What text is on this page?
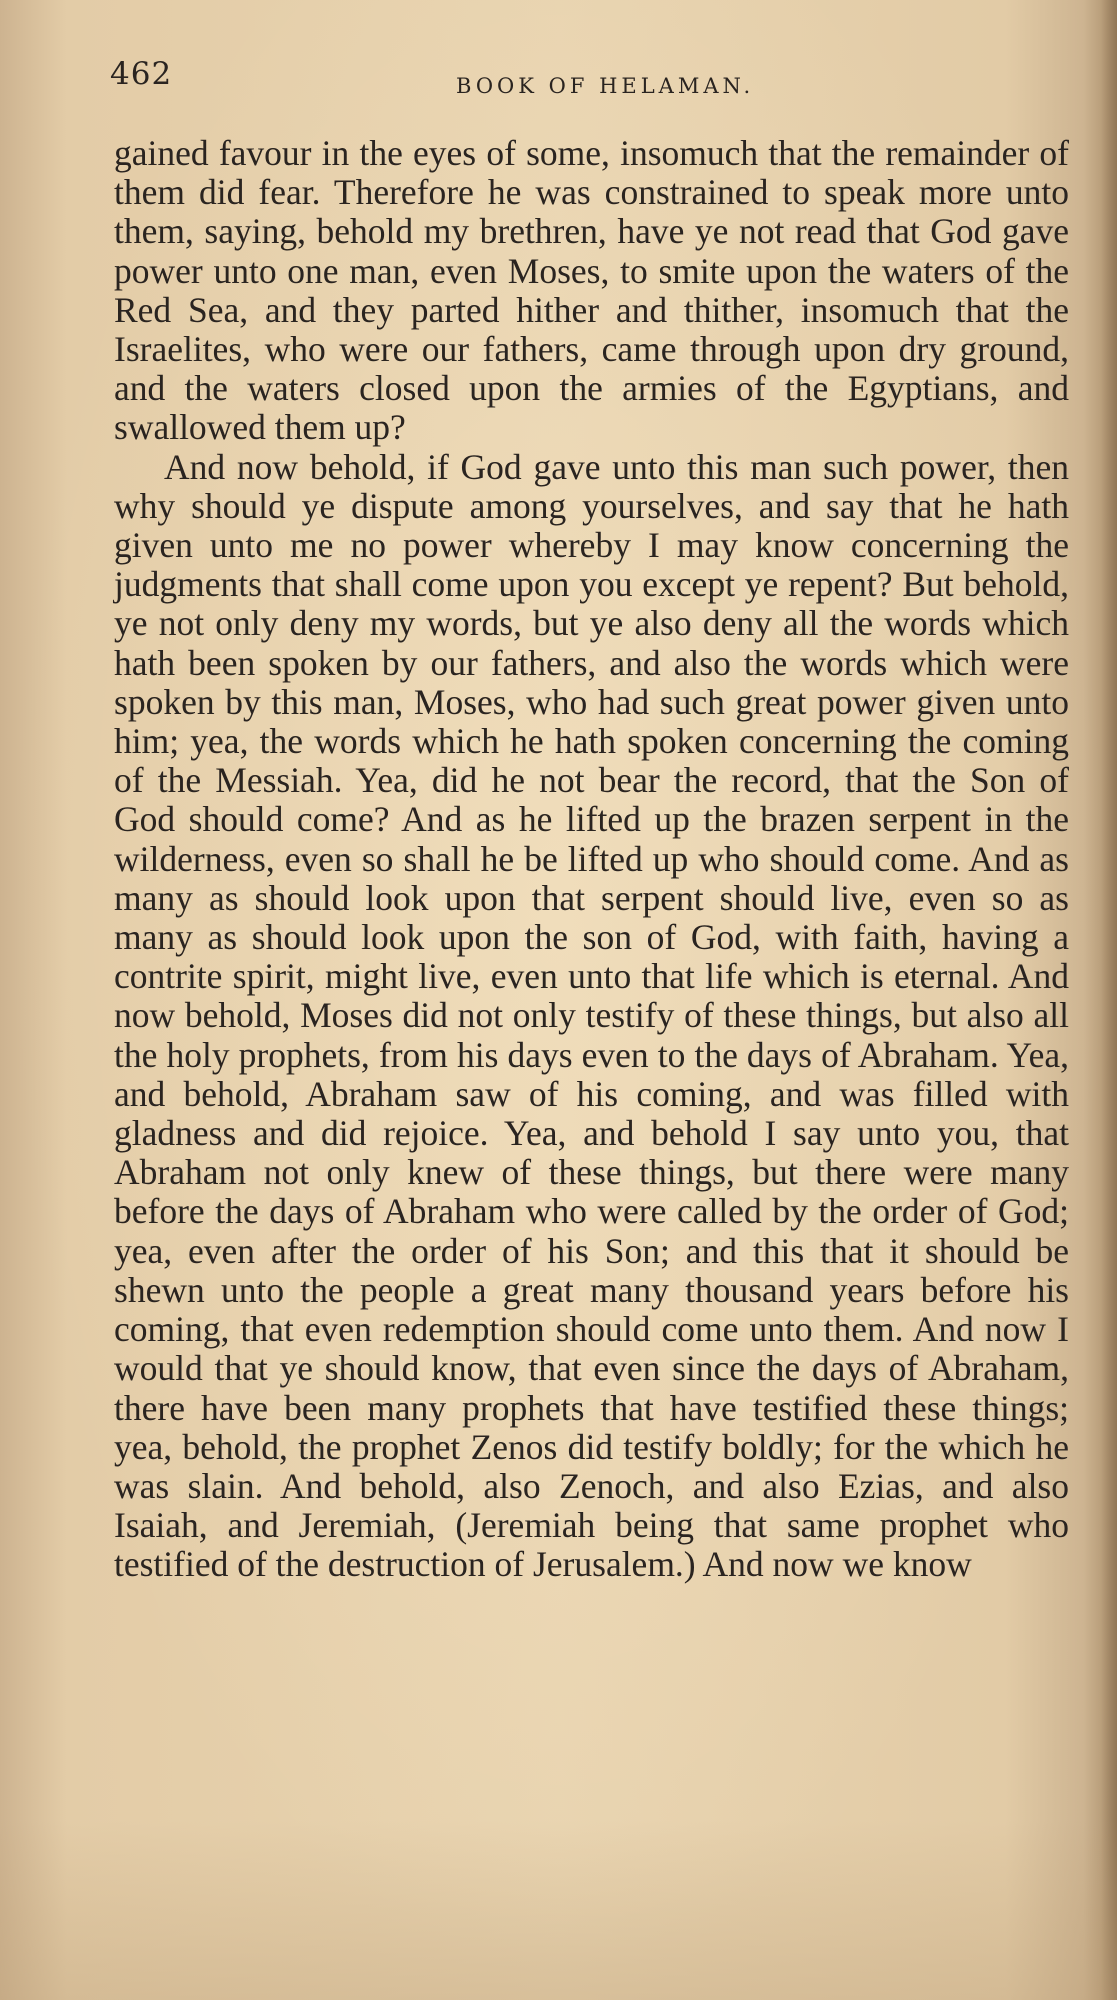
462	BOOK OF HELAMAN.

gained favour in the eyes of some, insomuch that the remainder of them did fear. Therefore he was constrained to speak more unto them, saying, behold my brethren, have ye not read that God gave power unto one man, even Moses, to smite upon the waters of the Red Sea, and they parted hither and thither, insomuch that the Israelites, who were our fathers, came through upon dry ground, and the waters closed upon the armies of the Egyptians, and swallowed them up?

And now behold, if God gave unto this man such power, then why should ye dispute among yourselves, and say that he hath given unto me no power whereby I may know concerning the judgments that shall come upon you except ye repent? But behold, ye not only deny my words, but ye also deny all the words which hath been spoken by our fathers, and also the words which were spoken by this man, Moses, who had such great power given unto him; yea, the words which he hath spoken concerning the coming of the Messiah. Yea, did he not bear the record, that the Son of God should come? And as he lifted up the brazen serpent in the wilderness, even so shall he be lifted up who should come. And as many as should look upon that serpent should live, even so as many as should look upon the son of God, with faith, having a contrite spirit, might live, even unto that life which is eternal. And now behold, Moses did not only testify of these things, but also all the holy prophets, from his days even to the days of Abraham. Yea, and behold, Abraham saw of his coming, and was filled with gladness and did rejoice. Yea, and behold I say unto you, that Abraham not only knew of these things, but there were many before the days of Abraham who were called by the order of God; yea, even after the order of his Son; and this that it should be shewn unto the people a great many thousand years before his coming, that even redemption should come unto them. And now I would that ye should know, that even since the days of Abraham, there have been many prophets that have testified these things; yea, behold, the prophet Zenos did testify boldly; for the which he was slain. And behold, also Zenoch, and also Ezias, and also Isaiah, and Jeremiah, (Jeremiah being that same prophet who testified of the destruction of Jerusalem.) And now we know
